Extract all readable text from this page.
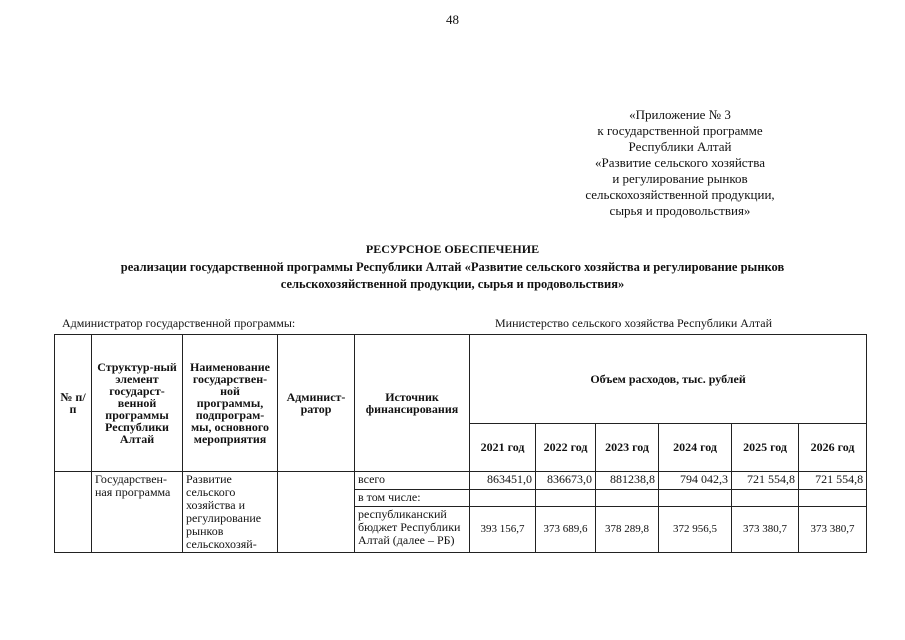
48
«Приложение № 3
к государственной программе
Республики Алтай
«Развитие сельского хозяйства
и регулирование рынков
сельскохозяйственной продукции,
сырья и продовольствия»
РЕСУРСНОЕ ОБЕСПЕЧЕНИЕ
реализации государственной программы Республики Алтай «Развитие сельского хозяйства и регулирование рынков
сельскохозяйственной продукции, сырья и продовольствия»
Администратор государственной программы:	Министерство сельского хозяйства Республики Алтай
№ п/п	Структур-ный элемент государст-венной программы Республики Алтай	Наименование государствен-ной программы, подпрограм-мы, основного мероприятия	Админист-ратор	Источник финансирования	Объем расходов, тыс. рублей					
					2021 год	2022 год	2023 год	2024 год	2025 год	2026 год
	Государствен-ная программа	Развитие сельского хозяйства и регулирование рынков сельскохозяй-		всего	863451,0	836673,0	881238,8	794 042,3	721 554,8	721 554,8
				в том числе:						
				республиканский бюджет Республики Алтай (далее – РБ)	393 156,7	373 689,6	378 289,8	372 956,5	373 380,7	373 380,7
